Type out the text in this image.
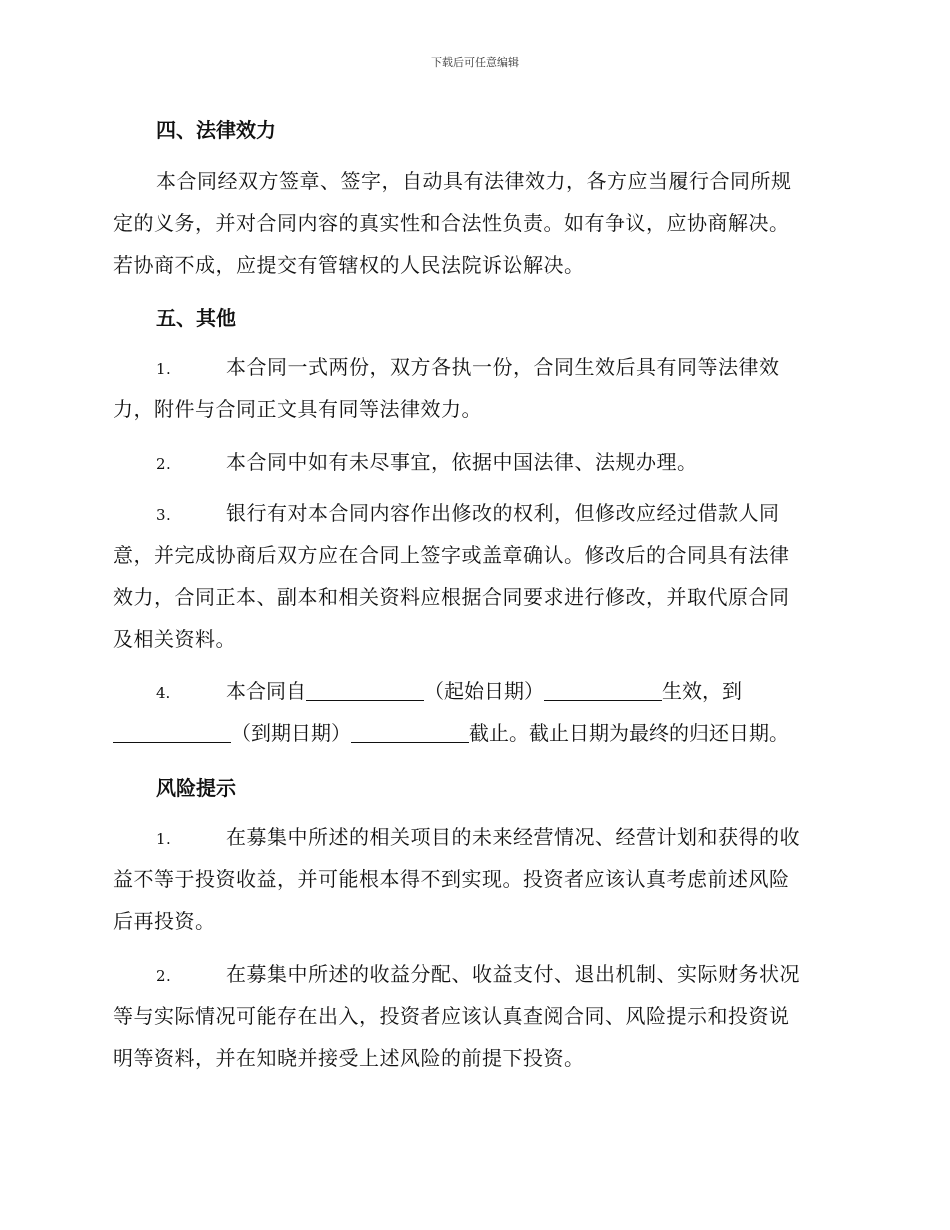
下载后可任意编辑
四、法律效力
本合同经双方签章、签字，自动具有法律效力，各方应当履行合同所规
定的义务，并对合同内容的真实性和合法性负责。如有争议，应协商解决。
若协商不成，应提交有管辖权的人民法院诉讼解决。
五、其他
1.	本合同一式两份，双方各执一份，合同生效后具有同等法律效
力，附件与合同正文具有同等法律效力。
2.	本合同中如有未尽事宜，依据中国法律、法规办理。
3.	银行有对本合同内容作出修改的权利，但修改应经过借款人同
意，并完成协商后双方应在合同上签字或盖章确认。修改后的合同具有法律
效力，合同正本、副本和相关资料应根据合同要求进行修改，并取代原合同
及相关资料。
4.	本合同自	（起始日期）	生效，到
（到期日期）	截止。截止日期为最终的归还日期。
风险提示
1.	在募集中所述的相关项目的未来经营情况、经营计划和获得的收
益不等于投资收益，并可能根本得不到实现。投资者应该认真考虑前述风险
后再投资。
2.	在募集中所述的收益分配、收益支付、退出机制、实际财务状况
等与实际情况可能存在出入，投资者应该认真查阅合同、风险提示和投资说
明等资料，并在知晓并接受上述风险的前提下投资。
